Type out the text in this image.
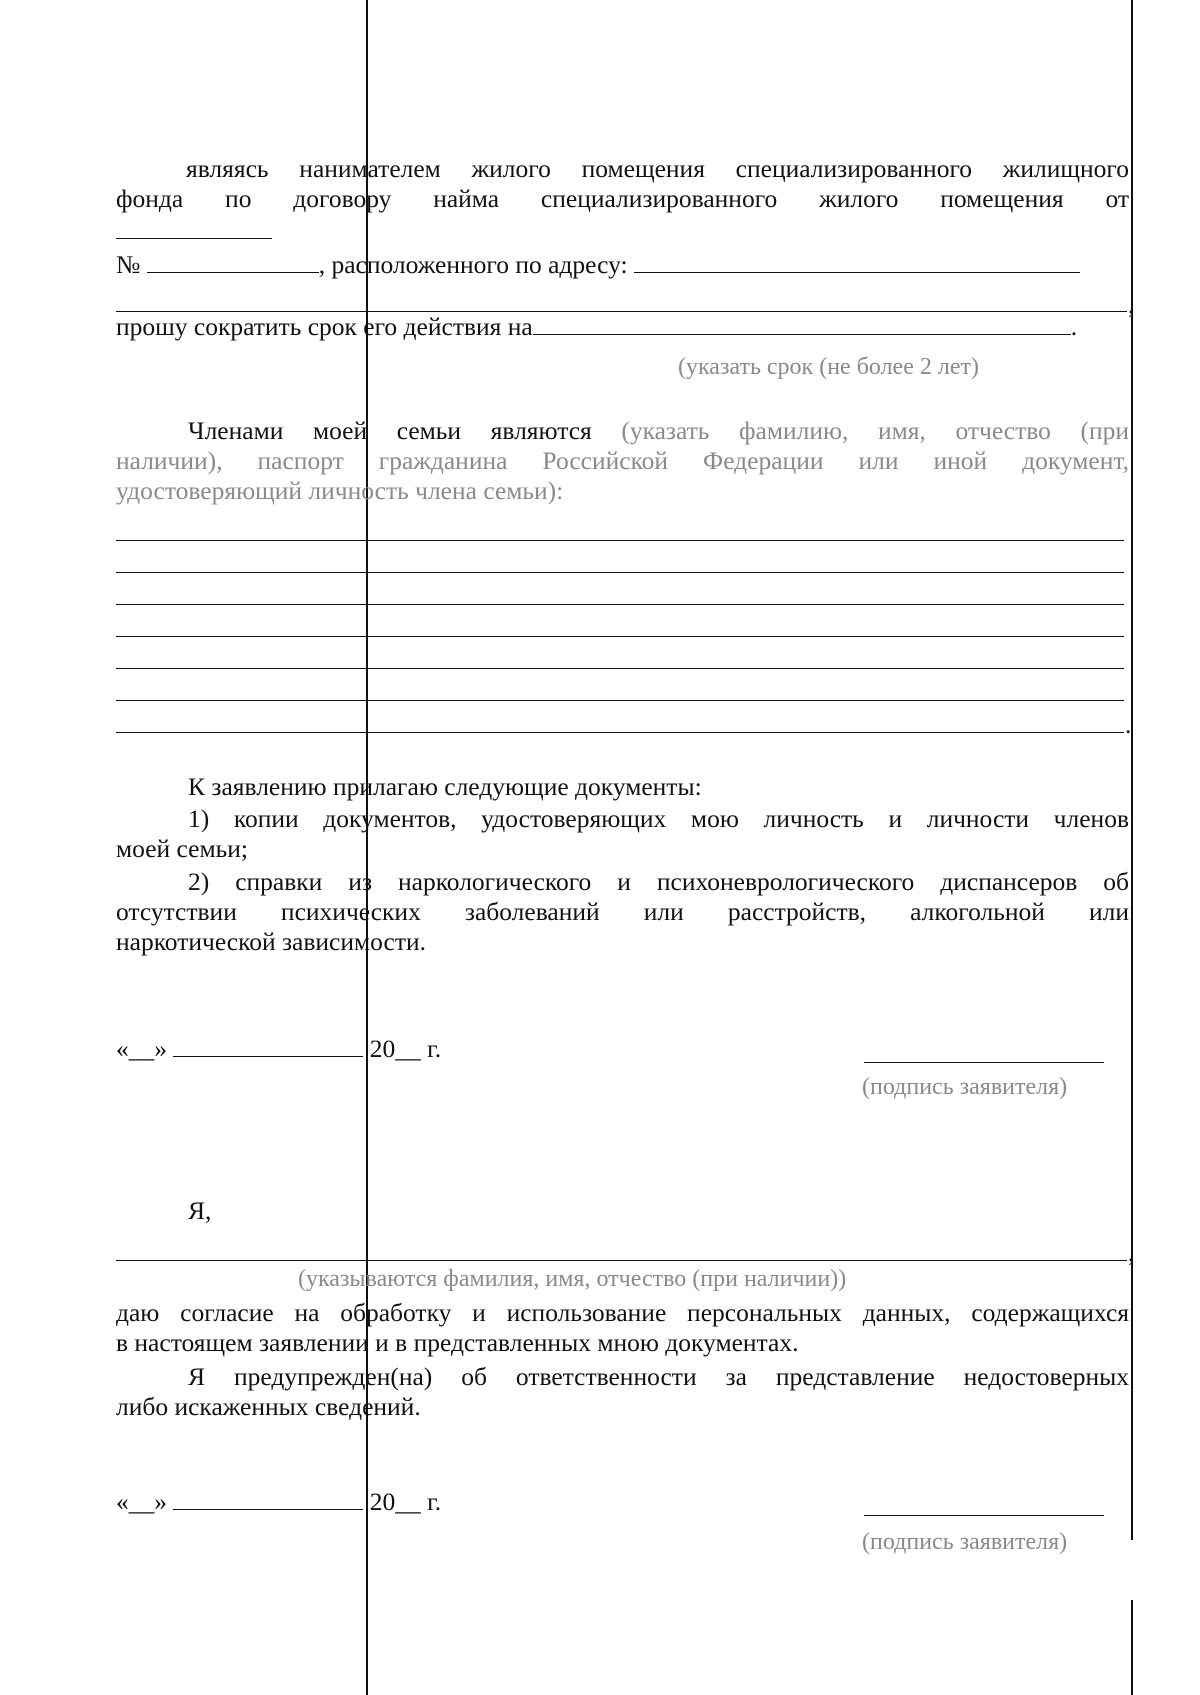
являясь нанимателем жилого помещения специализированного жилищного
фонда по договору найма специализированного жилого помещения от
№	, расположенного по адресу:
,
прошу сократить срок его действия на	.
(указать срок (не более 2 лет)
Членами моей семьи являются (указать фамилию, имя, отчество (при
наличии), паспорт гражданина Российской Федерации или иной документ,
удостоверяющий личность члена семьи):
.
К заявлению прилагаю следующие документы:
1) копии документов, удостоверяющих мою личность и личности членов
моей семьи;
2) справки из наркологического и психоневрологического диспансеров об
отсутствии психических заболеваний или расстройств, алкогольной или
наркотической зависимости.
«__»	20__ г.
(подпись заявителя)
Я,
,
(указываются фамилия, имя, отчество (при наличии))
даю согласие на обработку и использование персональных данных, содержащихся
в настоящем заявлении и в представленных мною документах.
Я предупрежден(на) об ответственности за представление недостоверных
либо искаженных сведений.
«__»	20__ г.
(подпись заявителя)
